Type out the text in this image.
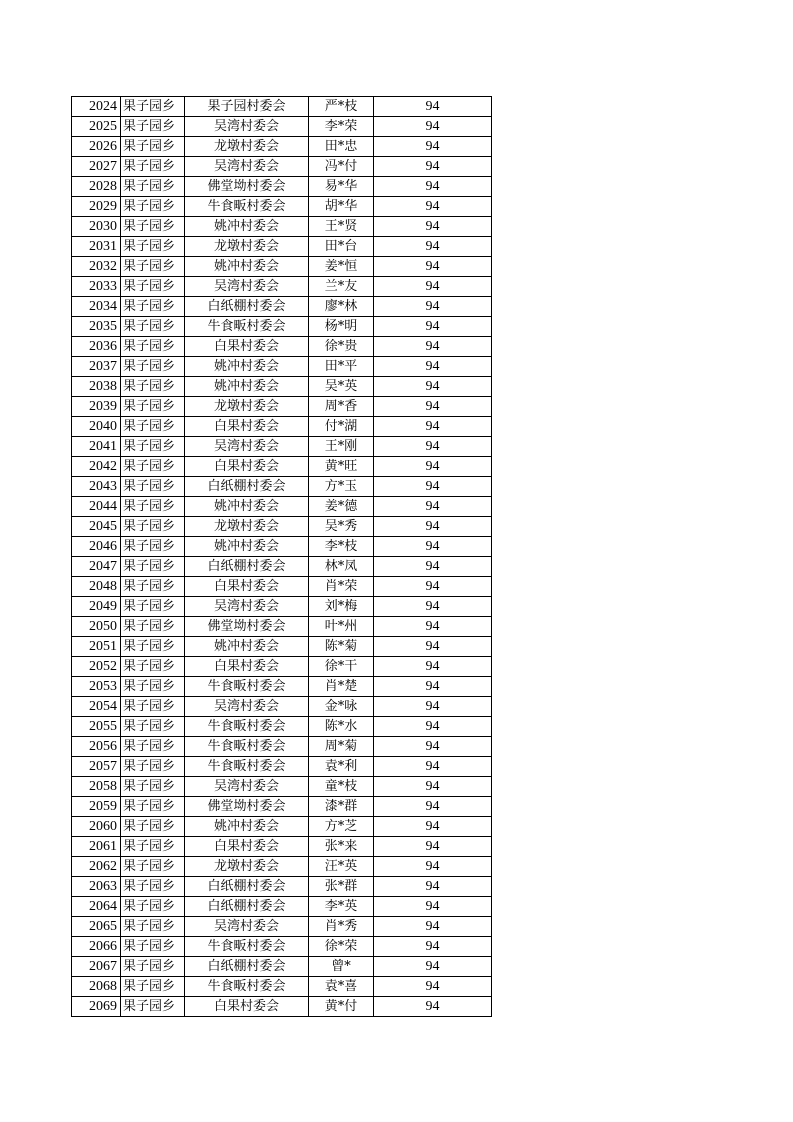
2024	果子园乡	果子园村委会	严*枝	94
2025	果子园乡	吴湾村委会	李*荣	94
2026	果子园乡	龙墩村委会	田*忠	94
2027	果子园乡	吴湾村委会	冯*付	94
2028	果子园乡	佛堂坳村委会	易*华	94
2029	果子园乡	牛食畈村委会	胡*华	94
2030	果子园乡	姚冲村委会	王*贤	94
2031	果子园乡	龙墩村委会	田*台	94
2032	果子园乡	姚冲村委会	姜*恒	94
2033	果子园乡	吴湾村委会	兰*友	94
2034	果子园乡	白纸棚村委会	廖*林	94
2035	果子园乡	牛食畈村委会	杨*明	94
2036	果子园乡	白果村委会	徐*贵	94
2037	果子园乡	姚冲村委会	田*平	94
2038	果子园乡	姚冲村委会	吴*英	94
2039	果子园乡	龙墩村委会	周*香	94
2040	果子园乡	白果村委会	付*湖	94
2041	果子园乡	吴湾村委会	王*刚	94
2042	果子园乡	白果村委会	黄*旺	94
2043	果子园乡	白纸棚村委会	方*玉	94
2044	果子园乡	姚冲村委会	姜*德	94
2045	果子园乡	龙墩村委会	吴*秀	94
2046	果子园乡	姚冲村委会	李*枝	94
2047	果子园乡	白纸棚村委会	林*凤	94
2048	果子园乡	白果村委会	肖*荣	94
2049	果子园乡	吴湾村委会	刘*梅	94
2050	果子园乡	佛堂坳村委会	叶*州	94
2051	果子园乡	姚冲村委会	陈*菊	94
2052	果子园乡	白果村委会	徐*干	94
2053	果子园乡	牛食畈村委会	肖*楚	94
2054	果子园乡	吴湾村委会	金*咏	94
2055	果子园乡	牛食畈村委会	陈*水	94
2056	果子园乡	牛食畈村委会	周*菊	94
2057	果子园乡	牛食畈村委会	袁*利	94
2058	果子园乡	吴湾村委会	童*枝	94
2059	果子园乡	佛堂坳村委会	漆*群	94
2060	果子园乡	姚冲村委会	方*芝	94
2061	果子园乡	白果村委会	张*来	94
2062	果子园乡	龙墩村委会	汪*英	94
2063	果子园乡	白纸棚村委会	张*群	94
2064	果子园乡	白纸棚村委会	李*英	94
2065	果子园乡	吴湾村委会	肖*秀	94
2066	果子园乡	牛食畈村委会	徐*荣	94
2067	果子园乡	白纸棚村委会	曾*	94
2068	果子园乡	牛食畈村委会	袁*喜	94
2069	果子园乡	白果村委会	黄*付	94
